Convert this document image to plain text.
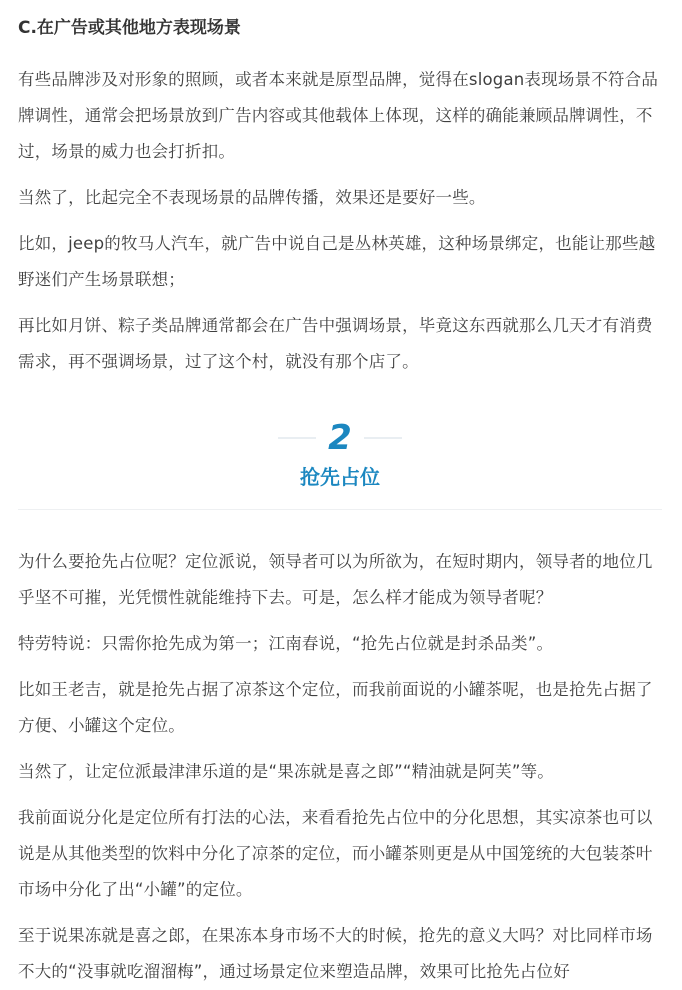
C.在广告或其他地方表现场景

有些品牌涉及对形象的照顾，或者本来就是原型品牌，觉得在slogan表现场景不符合品牌调性，通常会把场景放到广告内容或其他载体上体现，这样的确能兼顾品牌调性，不过，场景的威力也会打折扣。

当然了，比起完全不表现场景的品牌传播，效果还是要好一些。

比如，jeep的牧马人汽车，就广告中说自己是丛林英雄，这种场景绑定，也能让那些越野迷们产生场景联想；

再比如月饼、粽子类品牌通常都会在广告中强调场景，毕竟这东西就那么几天才有消费需求，再不强调场景，过了这个村，就没有那个店了。

2
抢先占位

为什么要抢先占位呢？定位派说，领导者可以为所欲为，在短时期内，领导者的地位几乎坚不可摧，光凭惯性就能维持下去。可是，怎么样才能成为领导者呢？

特劳特说：只需你抢先成为第一；江南春说，“抢先占位就是封杀品类”。

比如王老吉，就是抢先占据了凉茶这个定位，而我前面说的小罐茶呢，也是抢先占据了方便、小罐这个定位。

当然了，让定位派最津津乐道的是“果冻就是喜之郎”“精油就是阿芙”等。

我前面说分化是定位所有打法的心法，来看看抢先占位中的分化思想，其实凉茶也可以说是从其他类型的饮料中分化了凉茶的定位，而小罐茶则更是从中国笼统的大包装茶叶市场中分化了出“小罐”的定位。

至于说果冻就是喜之郎，在果冻本身市场不大的时候，抢先的意义大吗？对比同样市场不大的“没事就吃溜溜梅”，通过场景定位来塑造品牌，效果可比抢先占位好
